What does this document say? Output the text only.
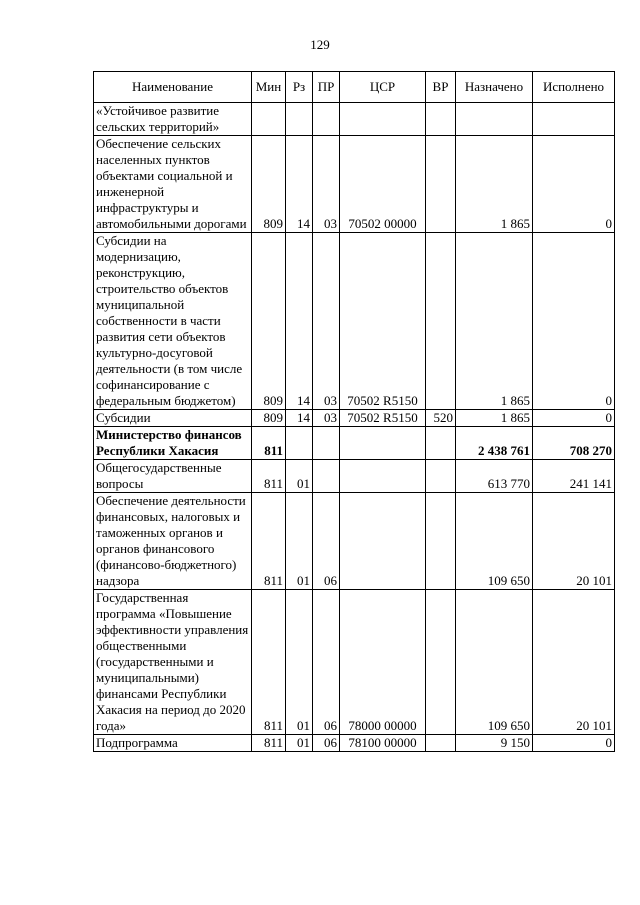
129
Наименование	Мин	Рз	ПР	ЦСР	ВР	Назначено	Исполнено
«Устойчивое развитие сельских территорий»							
Обеспечение сельских населенных пунктов объектами социальной и инженерной инфраструктуры и автомобильными дорогами	809	14	03	70502 00000		1 865	0
Субсидии на модернизацию, реконструкцию, строительство объектов муниципальной собственности в части развития сети объектов культурно-досуговой деятельности (в том числе софинансирование с федеральным бюджетом)	809	14	03	70502 R5150		1 865	0
Субсидии	809	14	03	70502 R5150	520	1 865	0
Министерство финансов Республики Хакасия	811					2 438 761	708 270
Общегосударственные вопросы	811	01				613 770	241 141
Обеспечение деятельности финансовых, налоговых и таможенных органов и органов финансового (финансово-бюджетного) надзора	811	01	06			109 650	20 101
Государственная программа «Повышение эффективности управления общественными (государственными и муниципальными) финансами Республики Хакасия на период до 2020 года»	811	01	06	78000 00000		109 650	20 101
Подпрограмма	811	01	06	78100 00000		9 150	0
